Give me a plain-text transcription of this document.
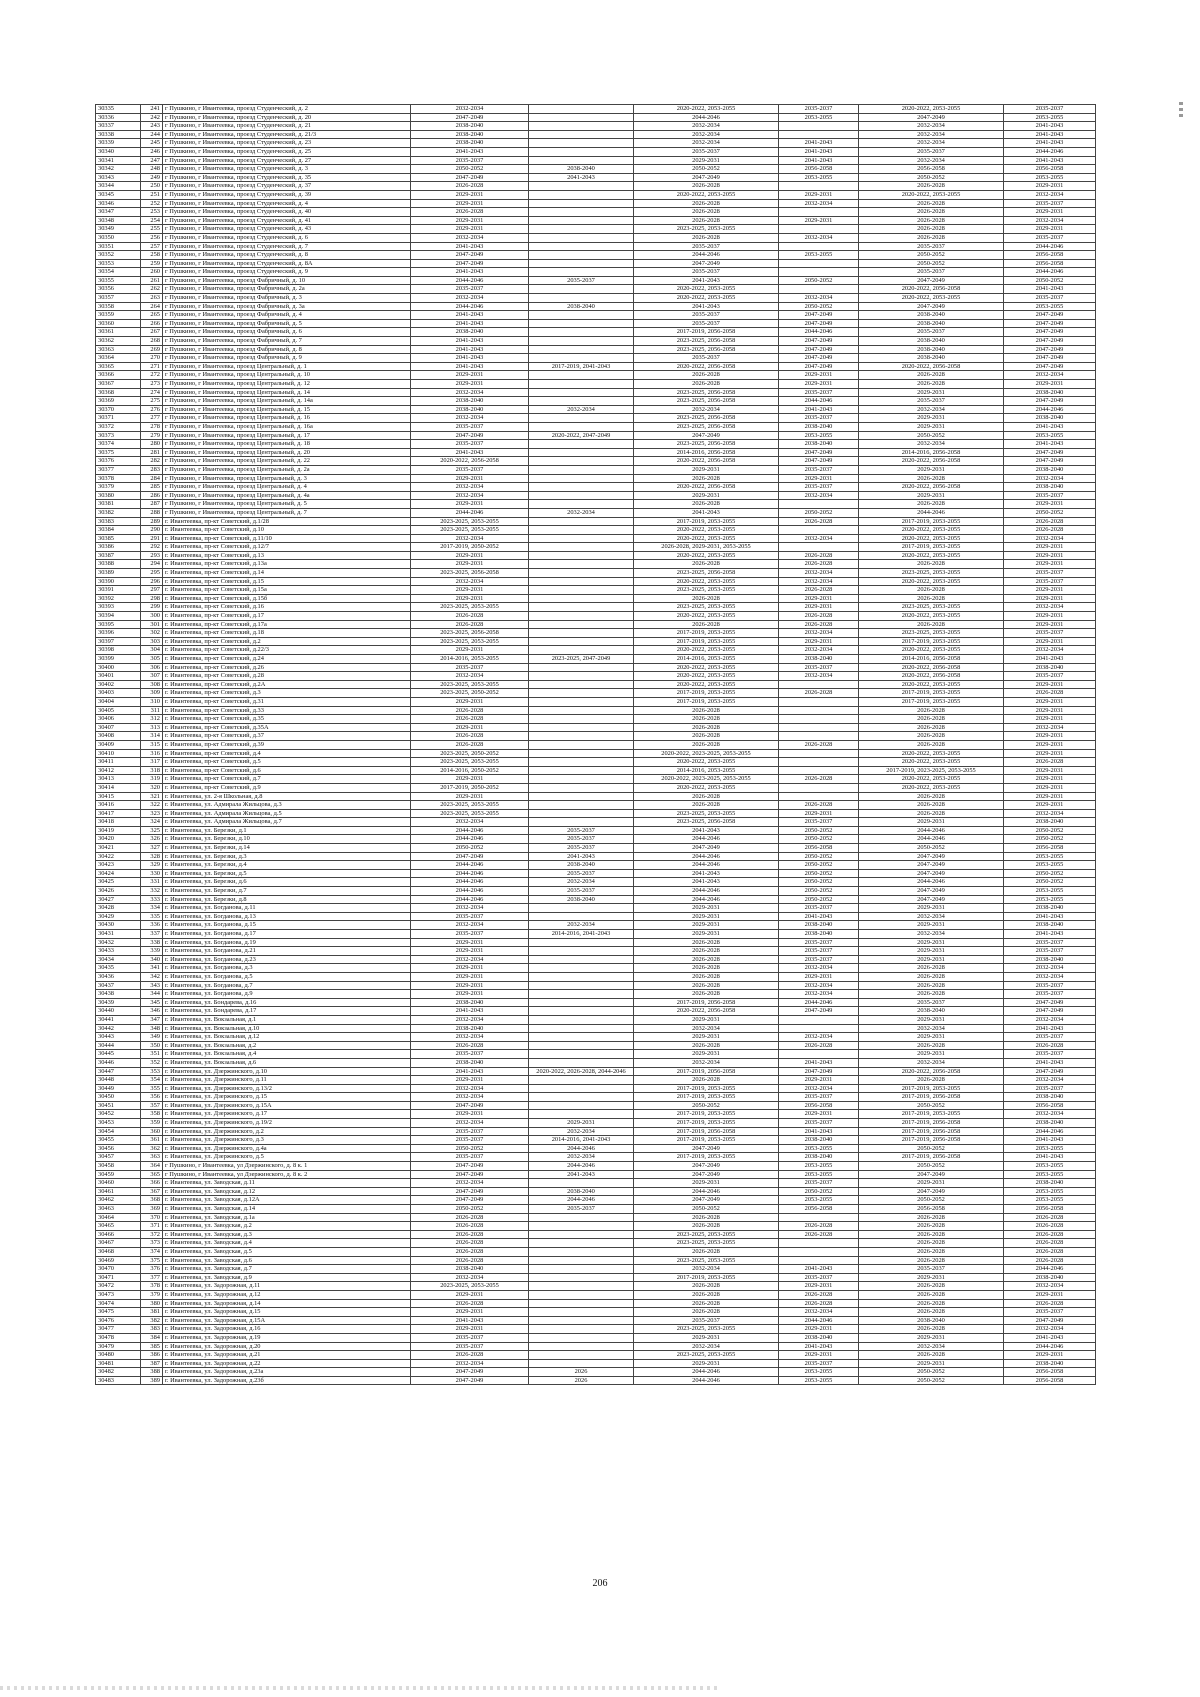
30335	241	г Пушкино, г Ивантеевка, проезд Студенческий, д. 2	2032-2034		2020-2022, 2053-2055	2035-2037	2020-2022, 2053-2055	2035-2037
30336	242	г Пушкино, г Ивантеевка, проезд Студенческий, д. 20	2047-2049		2044-2046	2053-2055	2047-2049	2053-2055
30337	243	г Пушкино, г Ивантеевка, проезд Студенческий, д. 21	2038-2040		2032-2034		2032-2034	2041-2043
30338	244	г Пушкино, г Ивантеевка, проезд Студенческий, д. 21/3	2038-2040		2032-2034		2032-2034	2041-2043
30339	245	г Пушкино, г Ивантеевка, проезд Студенческий, д. 23	2038-2040		2032-2034	2041-2043	2032-2034	2041-2043
30340	246	г Пушкино, г Ивантеевка, проезд Студенческий, д. 25	2041-2043		2035-2037	2041-2043	2035-2037	2044-2046
30341	247	г Пушкино, г Ивантеевка, проезд Студенческий, д. 27	2035-2037		2029-2031	2041-2043	2032-2034	2041-2043
30342	248	г Пушкино, г Ивантеевка, проезд Студенческий, д. 3	2050-2052	2038-2040	2050-2052	2056-2058	2056-2058	2056-2058
30343	249	г Пушкино, г Ивантеевка, проезд Студенческий, д. 35	2047-2049	2041-2043	2047-2049	2053-2055	2050-2052	2053-2055
30344	250	г Пушкино, г Ивантеевка, проезд Студенческий, д. 37	2026-2028		2026-2028		2026-2028	2029-2031
30345	251	г Пушкино, г Ивантеевка, проезд Студенческий, д. 39	2029-2031		2020-2022, 2053-2055	2029-2031	2020-2022, 2053-2055	2032-2034
30346	252	г Пушкино, г Ивантеевка, проезд Студенческий, д. 4	2029-2031		2026-2028	2032-2034	2026-2028	2035-2037
30347	253	г Пушкино, г Ивантеевка, проезд Студенческий, д. 40	2026-2028		2026-2028		2026-2028	2029-2031
30348	254	г Пушкино, г Ивантеевка, проезд Студенческий, д. 41	2029-2031		2026-2028	2029-2031	2026-2028	2032-2034
30349	255	г Пушкино, г Ивантеевка, проезд Студенческий, д. 43	2029-2031		2023-2025, 2053-2055		2026-2028	2029-2031
30350	256	г Пушкино, г Ивантеевка, проезд Студенческий, д. 6	2032-2034		2026-2028	2032-2034	2026-2028	2035-2037
30351	257	г Пушкино, г Ивантеевка, проезд Студенческий, д. 7	2041-2043		2035-2037		2035-2037	2044-2046
30352	258	г Пушкино, г Ивантеевка, проезд Студенческий, д. 8	2047-2049		2044-2046	2053-2055	2050-2052	2056-2058
30353	259	г Пушкино, г Ивантеевка, проезд Студенческий, д. 8А	2047-2049		2047-2049		2050-2052	2056-2058
30354	260	г Пушкино, г Ивантеевка, проезд Студенческий, д. 9	2041-2043		2035-2037		2035-2037	2044-2046
30355	261	г Пушкино, г Ивантеевка, проезд Фабричный, д. 10	2044-2046	2035-2037	2041-2043	2050-2052	2047-2049	2050-2052
30356	262	г Пушкино, г Ивантеевка, проезд Фабричный, д. 2а	2035-2037		2020-2022, 2053-2055		2020-2022, 2056-2058	2041-2043
30357	263	г Пушкино, г Ивантеевка, проезд Фабричный, д. 3	2032-2034		2020-2022, 2053-2055	2032-2034	2020-2022, 2053-2055	2035-2037
30358	264	г Пушкино, г Ивантеевка, проезд Фабричный, д. 3а	2044-2046	2038-2040	2041-2043	2050-2052	2047-2049	2053-2055
30359	265	г Пушкино, г Ивантеевка, проезд Фабричный, д. 4	2041-2043		2035-2037	2047-2049	2038-2040	2047-2049
30360	266	г Пушкино, г Ивантеевка, проезд Фабричный, д. 5	2041-2043		2035-2037	2047-2049	2038-2040	2047-2049
30361	267	г Пушкино, г Ивантеевка, проезд Фабричный, д. 6	2038-2040		2017-2019, 2056-2058	2044-2046	2035-2037	2047-2049
30362	268	г Пушкино, г Ивантеевка, проезд Фабричный, д. 7	2041-2043		2023-2025, 2056-2058	2047-2049	2038-2040	2047-2049
30363	269	г Пушкино, г Ивантеевка, проезд Фабричный, д. 8	2041-2043		2023-2025, 2056-2058	2047-2049	2038-2040	2047-2049
30364	270	г Пушкино, г Ивантеевка, проезд Фабричный, д. 9	2041-2043		2035-2037	2047-2049	2038-2040	2047-2049
30365	271	г Пушкино, г Ивантеевка, проезд Центральный, д. 1	2041-2043	2017-2019, 2041-2043	2020-2022, 2056-2058	2047-2049	2020-2022, 2056-2058	2047-2049
30366	272	г Пушкино, г Ивантеевка, проезд Центральный, д. 10	2029-2031		2026-2028	2029-2031	2026-2028	2032-2034
30367	273	г Пушкино, г Ивантеевка, проезд Центральный, д. 12	2029-2031		2026-2028	2029-2031	2026-2028	2029-2031
30368	274	г Пушкино, г Ивантеевка, проезд Центральный, д. 14	2032-2034		2023-2025, 2056-2058	2035-2037	2029-2031	2038-2040
30369	275	г Пушкино, г Ивантеевка, проезд Центральный, д. 14а	2038-2040		2023-2025, 2056-2058	2044-2046	2035-2037	2047-2049
30370	276	г Пушкино, г Ивантеевка, проезд Центральный, д. 15	2038-2040	2032-2034	2032-2034	2041-2043	2032-2034	2044-2046
30371	277	г Пушкино, г Ивантеевка, проезд Центральный, д. 16	2032-2034		2023-2025, 2056-2058	2035-2037	2029-2031	2038-2040
30372	278	г Пушкино, г Ивантеевка, проезд Центральный, д. 16а	2035-2037		2023-2025, 2056-2058	2038-2040	2029-2031	2041-2043
30373	279	г Пушкино, г Ивантеевка, проезд Центральный, д. 17	2047-2049	2020-2022, 2047-2049	2047-2049	2053-2055	2050-2052	2053-2055
30374	280	г Пушкино, г Ивантеевка, проезд Центральный, д. 18	2035-2037		2023-2025, 2056-2058	2038-2040	2032-2034	2041-2043
30375	281	г Пушкино, г Ивантеевка, проезд Центральный, д. 20	2041-2043		2014-2016, 2056-2058	2047-2049	2014-2016, 2056-2058	2047-2049
30376	282	г Пушкино, г Ивантеевка, проезд Центральный, д. 22	2020-2022, 2056-2058		2020-2022, 2056-2058	2047-2049	2020-2022, 2056-2058	2047-2049
30377	283	г Пушкино, г Ивантеевка, проезд Центральный, д. 2а	2035-2037		2029-2031	2035-2037	2029-2031	2038-2040
30378	284	г Пушкино, г Ивантеевка, проезд Центральный, д. 3	2029-2031		2026-2028	2029-2031	2026-2028	2032-2034
30379	285	г Пушкино, г Ивантеевка, проезд Центральный, д. 4	2032-2034		2020-2022, 2056-2058	2035-2037	2020-2022, 2056-2058	2038-2040
30380	286	г Пушкино, г Ивантеевка, проезд Центральный, д. 4а	2032-2034		2029-2031	2032-2034	2029-2031	2035-2037
30381	287	г Пушкино, г Ивантеевка, проезд Центральный, д. 5	2029-2031		2026-2028		2026-2028	2029-2031
30382	288	г Пушкино, г Ивантеевка, проезд Центральный, д. 7	2044-2046	2032-2034	2041-2043	2050-2052	2044-2046	2050-2052
30383	289	г. Ивантеевка, пр-кт Советский, д.1/28	2023-2025, 2053-2055		2017-2019, 2053-2055	2026-2028	2017-2019, 2053-2055	2026-2028
30384	290	г. Ивантеевка, пр-кт Советский, д.10	2023-2025, 2053-2055		2020-2022, 2053-2055		2020-2022, 2053-2055	2026-2028
30385	291	г. Ивантеевка, пр-кт Советский, д.11/10	2032-2034		2020-2022, 2053-2055	2032-2034	2020-2022, 2053-2055	2032-2034
30386	292	г. Ивантеевка, пр-кт Советский, д.12/7	2017-2019, 2050-2052		2026-2028, 2029-2031, 2053-2055		2017-2019, 2053-2055	2029-2031
30387	293	г. Ивантеевка, пр-кт Советский, д.13	2029-2031		2020-2022, 2053-2055	2026-2028	2020-2022, 2053-2055	2029-2031
30388	294	г. Ивантеевка, пр-кт Советский, д.13а	2029-2031		2026-2028	2026-2028	2026-2028	2029-2031
30389	295	г. Ивантеевка, пр-кт Советский, д.14	2023-2025, 2056-2058		2023-2025, 2056-2058	2032-2034	2023-2025, 2053-2055	2035-2037
30390	296	г. Ивантеевка, пр-кт Советский, д.15	2032-2034		2020-2022, 2053-2055	2032-2034	2020-2022, 2053-2055	2035-2037
30391	297	г. Ивантеевка, пр-кт Советский, д.15а	2029-2031		2023-2025, 2053-2055	2026-2028	2026-2028	2029-2031
30392	298	г. Ивантеевка, пр-кт Советский, д.15б	2029-2031		2026-2028	2029-2031	2026-2028	2029-2031
30393	299	г. Ивантеевка, пр-кт Советский, д.16	2023-2025, 2053-2055		2023-2025, 2053-2055	2029-2031	2023-2025, 2053-2055	2032-2034
30394	300	г. Ивантеевка, пр-кт Советский, д.17	2026-2028		2020-2022, 2053-2055	2026-2028	2020-2022, 2053-2055	2029-2031
30395	301	г. Ивантеевка, пр-кт Советский, д.17а	2026-2028		2026-2028	2026-2028	2026-2028	2029-2031
30396	302	г. Ивантеевка, пр-кт Советский, д.18	2023-2025, 2056-2058		2017-2019, 2053-2055	2032-2034	2023-2025, 2053-2055	2035-2037
30397	303	г. Ивантеевка, пр-кт Советский, д.2	2023-2025, 2053-2055		2017-2019, 2053-2055	2029-2031	2017-2019, 2053-2055	2029-2031
30398	304	г. Ивантеевка, пр-кт Советский, д.22/3	2029-2031		2020-2022, 2053-2055	2032-2034	2020-2022, 2053-2055	2032-2034
30399	305	г. Ивантеевка, пр-кт Советский, д.24	2014-2016, 2053-2055	2023-2025, 2047-2049	2014-2016, 2053-2055	2038-2040	2014-2016, 2056-2058	2041-2043
30400	306	г. Ивантеевка, пр-кт Советский, д.26	2035-2037		2020-2022, 2053-2055	2035-2037	2020-2022, 2056-2058	2038-2040
30401	307	г. Ивантеевка, пр-кт Советский, д.28	2032-2034		2020-2022, 2053-2055	2032-2034	2020-2022, 2056-2058	2035-2037
30402	308	г. Ивантеевка, пр-кт Советский, д.2А	2023-2025, 2053-2055		2020-2022, 2053-2055		2020-2022, 2053-2055	2029-2031
30403	309	г. Ивантеевка, пр-кт Советский, д.3	2023-2025, 2050-2052		2017-2019, 2053-2055	2026-2028	2017-2019, 2053-2055	2026-2028
30404	310	г. Ивантеевка, пр-кт Советский, д.31	2029-2031		2017-2019, 2053-2055		2017-2019, 2053-2055	2029-2031
30405	311	г. Ивантеевка, пр-кт Советский, д.33	2026-2028		2026-2028		2026-2028	2029-2031
30406	312	г. Ивантеевка, пр-кт Советский, д.35	2026-2028		2026-2028		2026-2028	2029-2031
30407	313	г. Ивантеевка, пр-кт Советский, д.35А	2029-2031		2026-2028		2026-2028	2032-2034
30408	314	г. Ивантеевка, пр-кт Советский, д.37	2026-2028		2026-2028		2026-2028	2029-2031
30409	315	г. Ивантеевка, пр-кт Советский, д.39	2026-2028		2026-2028	2026-2028	2026-2028	2029-2031
30410	316	г. Ивантеевка, пр-кт Советский, д.4	2023-2025, 2050-2052		2020-2022, 2023-2025, 2053-2055		2020-2022, 2053-2055	2029-2031
30411	317	г. Ивантеевка, пр-кт Советский, д.5	2023-2025, 2053-2055		2020-2022, 2053-2055		2020-2022, 2053-2055	2026-2028
30412	318	г. Ивантеевка, пр-кт Советский, д.6	2014-2016, 2050-2052		2014-2016, 2053-2055		2017-2019, 2023-2025, 2053-2055	2029-2031
30413	319	г. Ивантеевка, пр-кт Советский, д.7	2029-2031		2020-2022, 2023-2025, 2053-2055	2026-2028	2020-2022, 2053-2055	2029-2031
30414	320	г. Ивантеевка, пр-кт Советский, д.9	2017-2019, 2050-2052		2020-2022, 2053-2055		2020-2022, 2053-2055	2029-2031
30415	321	г. Ивантеевка, ул. 2-я Школьная, д.8	2029-2031		2026-2028		2026-2028	2029-2031
30416	322	г. Ивантеевка, ул. Адмирала Жильцова, д.3	2023-2025, 2053-2055		2026-2028	2026-2028	2026-2028	2029-2031
30417	323	г. Ивантеевка, ул. Адмирала Жильцова, д.5	2023-2025, 2053-2055		2023-2025, 2053-2055	2029-2031	2026-2028	2032-2034
30418	324	г. Ивантеевка, ул. Адмирала Жильцова, д.7	2032-2034		2023-2025, 2056-2058	2035-2037	2029-2031	2038-2040
30419	325	г. Ивантеевка, ул. Березки, д.1	2044-2046	2035-2037	2041-2043	2050-2052	2044-2046	2050-2052
30420	326	г. Ивантеевка, ул. Березки, д.10	2044-2046	2035-2037	2044-2046	2050-2052	2044-2046	2050-2052
30421	327	г. Ивантеевка, ул. Березки, д.14	2050-2052	2035-2037	2047-2049	2056-2058	2050-2052	2056-2058
30422	328	г. Ивантеевка, ул. Березки, д.3	2047-2049	2041-2043	2044-2046	2050-2052	2047-2049	2053-2055
30423	329	г. Ивантеевка, ул. Березки, д.4	2044-2046	2038-2040	2044-2046	2050-2052	2047-2049	2053-2055
30424	330	г. Ивантеевка, ул. Березки, д.5	2044-2046	2035-2037	2041-2043	2050-2052	2047-2049	2050-2052
30425	331	г. Ивантеевка, ул. Березки, д.6	2044-2046	2032-2034	2041-2043	2050-2052	2044-2046	2050-2052
30426	332	г. Ивантеевка, ул. Березки, д.7	2044-2046	2035-2037	2044-2046	2050-2052	2047-2049	2053-2055
30427	333	г. Ивантеевка, ул. Березки, д.8	2044-2046	2038-2040	2044-2046	2050-2052	2047-2049	2053-2055
30428	334	г. Ивантеевка, ул. Богданова, д.11	2032-2034		2029-2031	2035-2037	2029-2031	2038-2040
30429	335	г. Ивантеевка, ул. Богданова, д.13	2035-2037		2029-2031	2041-2043	2032-2034	2041-2043
30430	336	г. Ивантеевка, ул. Богданова, д.15	2032-2034	2032-2034	2029-2031	2038-2040	2029-2031	2038-2040
30431	337	г. Ивантеевка, ул. Богданова, д.17	2035-2037	2014-2016, 2041-2043	2029-2031	2038-2040	2032-2034	2041-2043
30432	338	г. Ивантеевка, ул. Богданова, д.19	2029-2031		2026-2028	2035-2037	2029-2031	2035-2037
30433	339	г. Ивантеевка, ул. Богданова, д.21	2029-2031		2026-2028	2035-2037	2029-2031	2035-2037
30434	340	г. Ивантеевка, ул. Богданова, д.23	2032-2034		2026-2028	2035-2037	2029-2031	2038-2040
30435	341	г. Ивантеевка, ул. Богданова, д.3	2029-2031		2026-2028	2032-2034	2026-2028	2032-2034
30436	342	г. Ивантеевка, ул. Богданова, д.5	2029-2031		2026-2028	2029-2031	2026-2028	2032-2034
30437	343	г. Ивантеевка, ул. Богданова, д.7	2029-2031		2026-2028	2032-2034	2026-2028	2035-2037
30438	344	г. Ивантеевка, ул. Богданова, д.9	2029-2031		2026-2028	2032-2034	2026-2028	2035-2037
30439	345	г. Ивантеевка, ул. Бондарева, д.16	2038-2040		2017-2019, 2056-2058	2044-2046	2035-2037	2047-2049
30440	346	г. Ивантеевка, ул. Бондарева, д.17	2041-2043		2020-2022, 2056-2058	2047-2049	2038-2040	2047-2049
30441	347	г. Ивантеевка, ул. Вокзальная, д.1	2032-2034		2029-2031		2029-2031	2032-2034
30442	348	г. Ивантеевка, ул. Вокзальная, д.10	2038-2040		2032-2034		2032-2034	2041-2043
30443	349	г. Ивантеевка, ул. Вокзальная, д.12	2032-2034		2029-2031	2032-2034	2029-2031	2035-2037
30444	350	г. Ивантеевка, ул. Вокзальная, д.2	2026-2028		2026-2028	2026-2028	2026-2028	2026-2028
30445	351	г. Ивантеевка, ул. Вокзальная, д.4	2035-2037		2029-2031		2029-2031	2035-2037
30446	352	г. Ивантеевка, ул. Вокзальная, д.6	2038-2040		2032-2034	2041-2043	2032-2034	2041-2043
30447	353	г. Ивантеевка, ул. Дзержинского, д.10	2041-2043	2020-2022, 2026-2028, 2044-2046	2017-2019, 2056-2058	2047-2049	2020-2022, 2056-2058	2047-2049
30448	354	г. Ивантеевка, ул. Дзержинского, д.11	2029-2031		2026-2028	2029-2031	2026-2028	2032-2034
30449	355	г. Ивантеевка, ул. Дзержинского, д.13/2	2032-2034		2017-2019, 2053-2055	2032-2034	2017-2019, 2053-2055	2035-2037
30450	356	г. Ивантеевка, ул. Дзержинского, д.15	2032-2034		2017-2019, 2053-2055	2035-2037	2017-2019, 2056-2058	2038-2040
30451	357	г. Ивантеевка, ул. Дзержинского, д.15А	2047-2049		2050-2052	2056-2058	2050-2052	2056-2058
30452	358	г. Ивантеевка, ул. Дзержинского, д.17	2029-2031		2017-2019, 2053-2055	2029-2031	2017-2019, 2053-2055	2032-2034
30453	359	г. Ивантеевка, ул. Дзержинского, д.19/2	2032-2034	2029-2031	2017-2019, 2053-2055	2035-2037	2017-2019, 2056-2058	2038-2040
30454	360	г. Ивантеевка, ул. Дзержинского, д.2	2035-2037	2032-2034	2017-2019, 2056-2058	2041-2043	2017-2019, 2056-2058	2044-2046
30455	361	г. Ивантеевка, ул. Дзержинского, д.3	2035-2037	2014-2016, 2041-2043	2017-2019, 2053-2055	2038-2040	2017-2019, 2056-2058	2041-2043
30456	362	г. Ивантеевка, ул. Дзержинского, д.4а	2050-2052	2044-2046	2047-2049	2053-2055	2050-2052	2053-2055
30457	363	г. Ивантеевка, ул. Дзержинского, д.5	2035-2037	2032-2034	2017-2019, 2053-2055	2038-2040	2017-2019, 2056-2058	2041-2043
30458	364	г Пушкино, г Ивантеевка, ул Дзержинского, д. 8 к. 1	2047-2049	2044-2046	2047-2049	2053-2055	2050-2052	2053-2055
30459	365	г Пушкино, г Ивантеевка, ул Дзержинского, д. 8 к. 2	2047-2049	2041-2043	2047-2049	2053-2055	2047-2049	2053-2055
30460	366	г. Ивантеевка, ул. Заводская, д.11	2032-2034		2029-2031	2035-2037	2029-2031	2038-2040
30461	367	г. Ивантеевка, ул. Заводская, д.12	2047-2049	2038-2040	2044-2046	2050-2052	2047-2049	2053-2055
30462	368	г. Ивантеевка, ул. Заводская, д.12А	2047-2049	2044-2046	2047-2049	2053-2055	2050-2052	2053-2055
30463	369	г. Ивантеевка, ул. Заводская, д.14	2050-2052	2035-2037	2050-2052	2056-2058	2056-2058	2056-2058
30464	370	г. Ивантеевка, ул. Заводская, д.1а	2026-2028		2026-2028		2026-2028	2026-2028
30465	371	г. Ивантеевка, ул. Заводская, д.2	2026-2028		2026-2028	2026-2028	2026-2028	2026-2028
30466	372	г. Ивантеевка, ул. Заводская, д.3	2026-2028		2023-2025, 2053-2055	2026-2028	2026-2028	2026-2028
30467	373	г. Ивантеевка, ул. Заводская, д.4	2026-2028		2023-2025, 2053-2055		2026-2028	2026-2028
30468	374	г. Ивантеевка, ул. Заводская, д.5	2026-2028		2026-2028		2026-2028	2026-2028
30469	375	г. Ивантеевка, ул. Заводская, д.6	2026-2028		2023-2025, 2053-2055		2026-2028	2026-2028
30470	376	г. Ивантеевка, ул. Заводская, д.7	2038-2040		2032-2034	2041-2043	2035-2037	2044-2046
30471	377	г. Ивантеевка, ул. Заводская, д.9	2032-2034		2017-2019, 2053-2055	2035-2037	2029-2031	2038-2040
30472	378	г. Ивантеевка, ул. Задорожная, д.11	2023-2025, 2053-2055		2026-2028	2029-2031	2026-2028	2032-2034
30473	379	г. Ивантеевка, ул. Задорожная, д.12	2029-2031		2026-2028	2026-2028	2026-2028	2029-2031
30474	380	г. Ивантеевка, ул. Задорожная, д.14	2026-2028		2026-2028	2026-2028	2026-2028	2026-2028
30475	381	г. Ивантеевка, ул. Задорожная, д.15	2029-2031		2026-2028	2032-2034	2026-2028	2035-2037
30476	382	г. Ивантеевка, ул. Задорожная, д.15А	2041-2043		2035-2037	2044-2046	2038-2040	2047-2049
30477	383	г. Ивантеевка, ул. Задорожная, д.16	2029-2031		2023-2025, 2053-2055	2029-2031	2026-2028	2032-2034
30478	384	г. Ивантеевка, ул. Задорожная, д.19	2035-2037		2029-2031	2038-2040	2029-2031	2041-2043
30479	385	г. Ивантеевка, ул. Задорожная, д.20	2035-2037		2032-2034	2041-2043	2032-2034	2044-2046
30480	386	г. Ивантеевка, ул. Задорожная, д.21	2026-2028		2023-2025, 2053-2055	2029-2031	2026-2028	2029-2031
30481	387	г. Ивантеевка, ул. Задорожная, д.22	2032-2034		2029-2031	2035-2037	2029-2031	2038-2040
30482	388	г. Ивантеевка, ул. Задорожная, д.23а	2047-2049	2026	2044-2046	2053-2055	2050-2052	2056-2058
30483	389	г. Ивантеевка, ул. Задорожная, д.23б	2047-2049	2026	2044-2046	2053-2055	2050-2052	2056-2058
206
